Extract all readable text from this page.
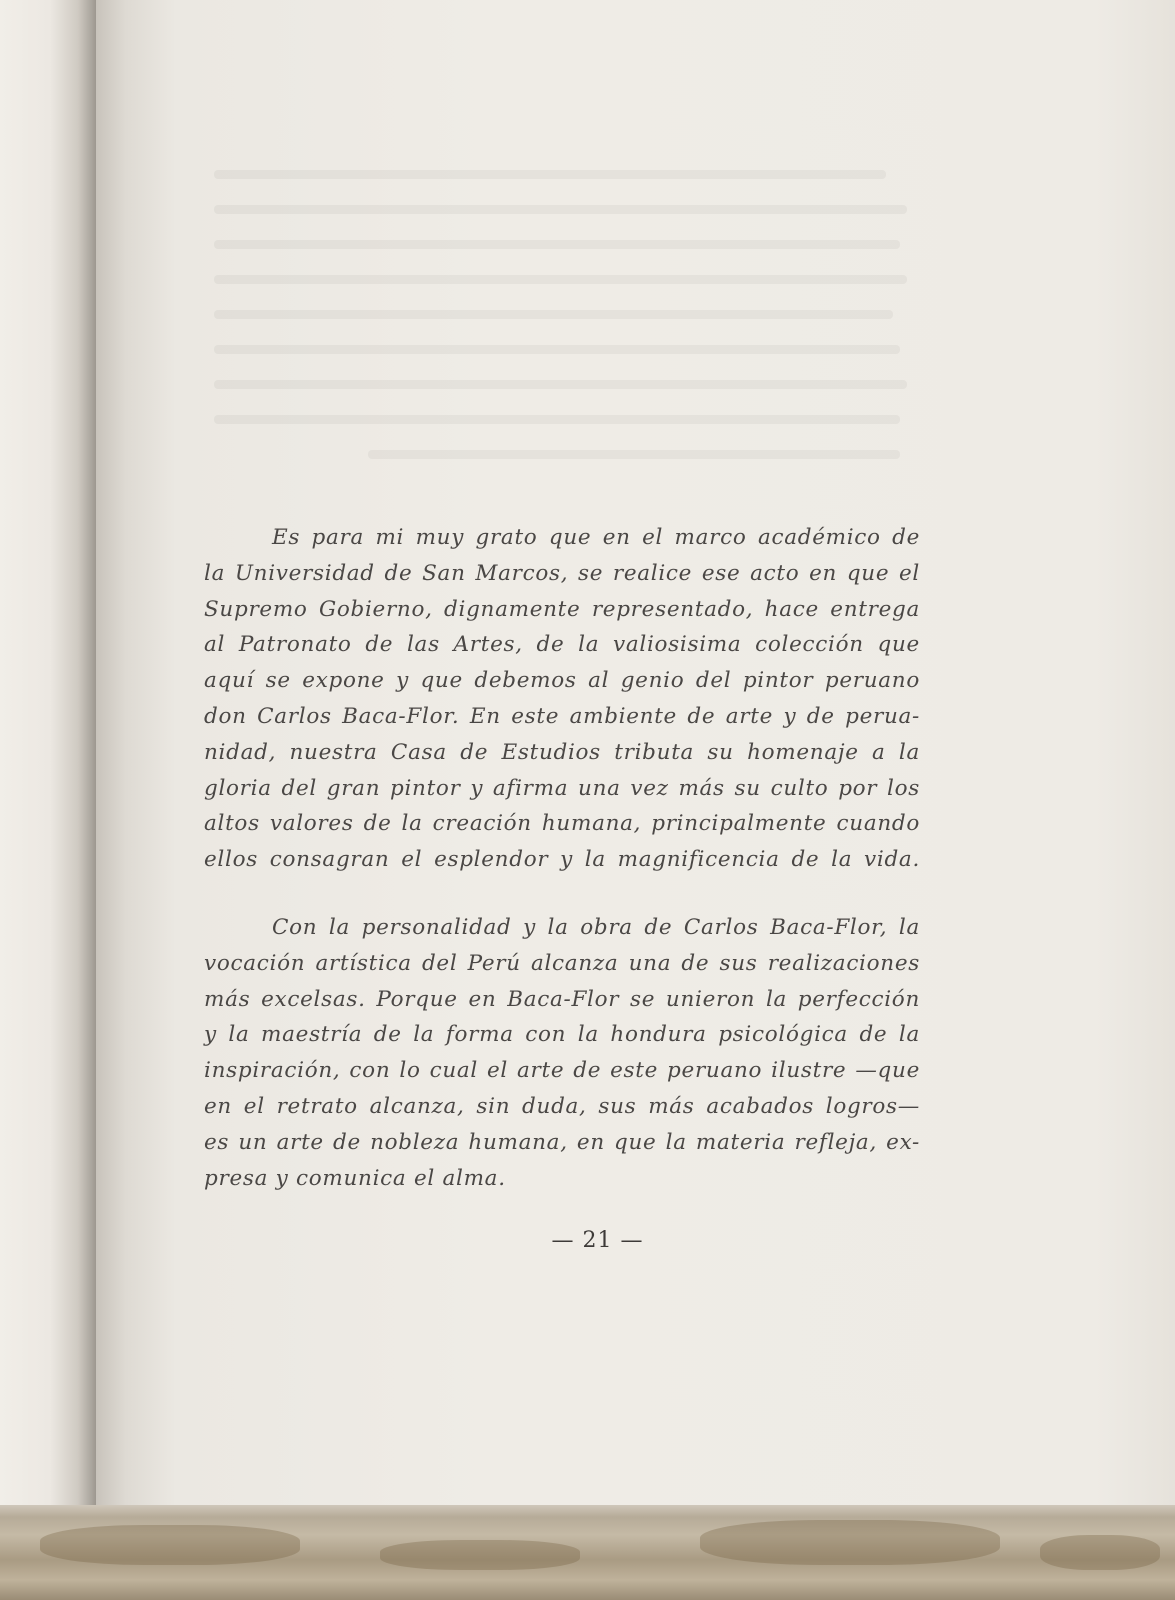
Es para mi muy grato que en el marco académico de
la Universidad de San Marcos, se realice ese acto en que el
Supremo Gobierno, dignamente representado, hace entrega
al Patronato de las Artes, de la valiosisima colección que
aquí se expone y que debemos al genio del pintor peruano
don Carlos Baca-Flor. En este ambiente de arte y de perua-
nidad, nuestra Casa de Estudios tributa su homenaje a la
gloria del gran pintor y afirma una vez más su culto por los
altos valores de la creación humana, principalmente cuando
ellos consagran el esplendor y la magnificencia de la vida.
Con la personalidad y la obra de Carlos Baca-Flor, la
vocación artística del Perú alcanza una de sus realizaciones
más excelsas. Porque en Baca-Flor se unieron la perfección
y la maestría de la forma con la hondura psicológica de la
inspiración, con lo cual el arte de este peruano ilustre —que
en el retrato alcanza, sin duda, sus más acabados logros—
es un arte de nobleza humana, en que la materia refleja, ex-
presa y comunica el alma.
— 21 —
